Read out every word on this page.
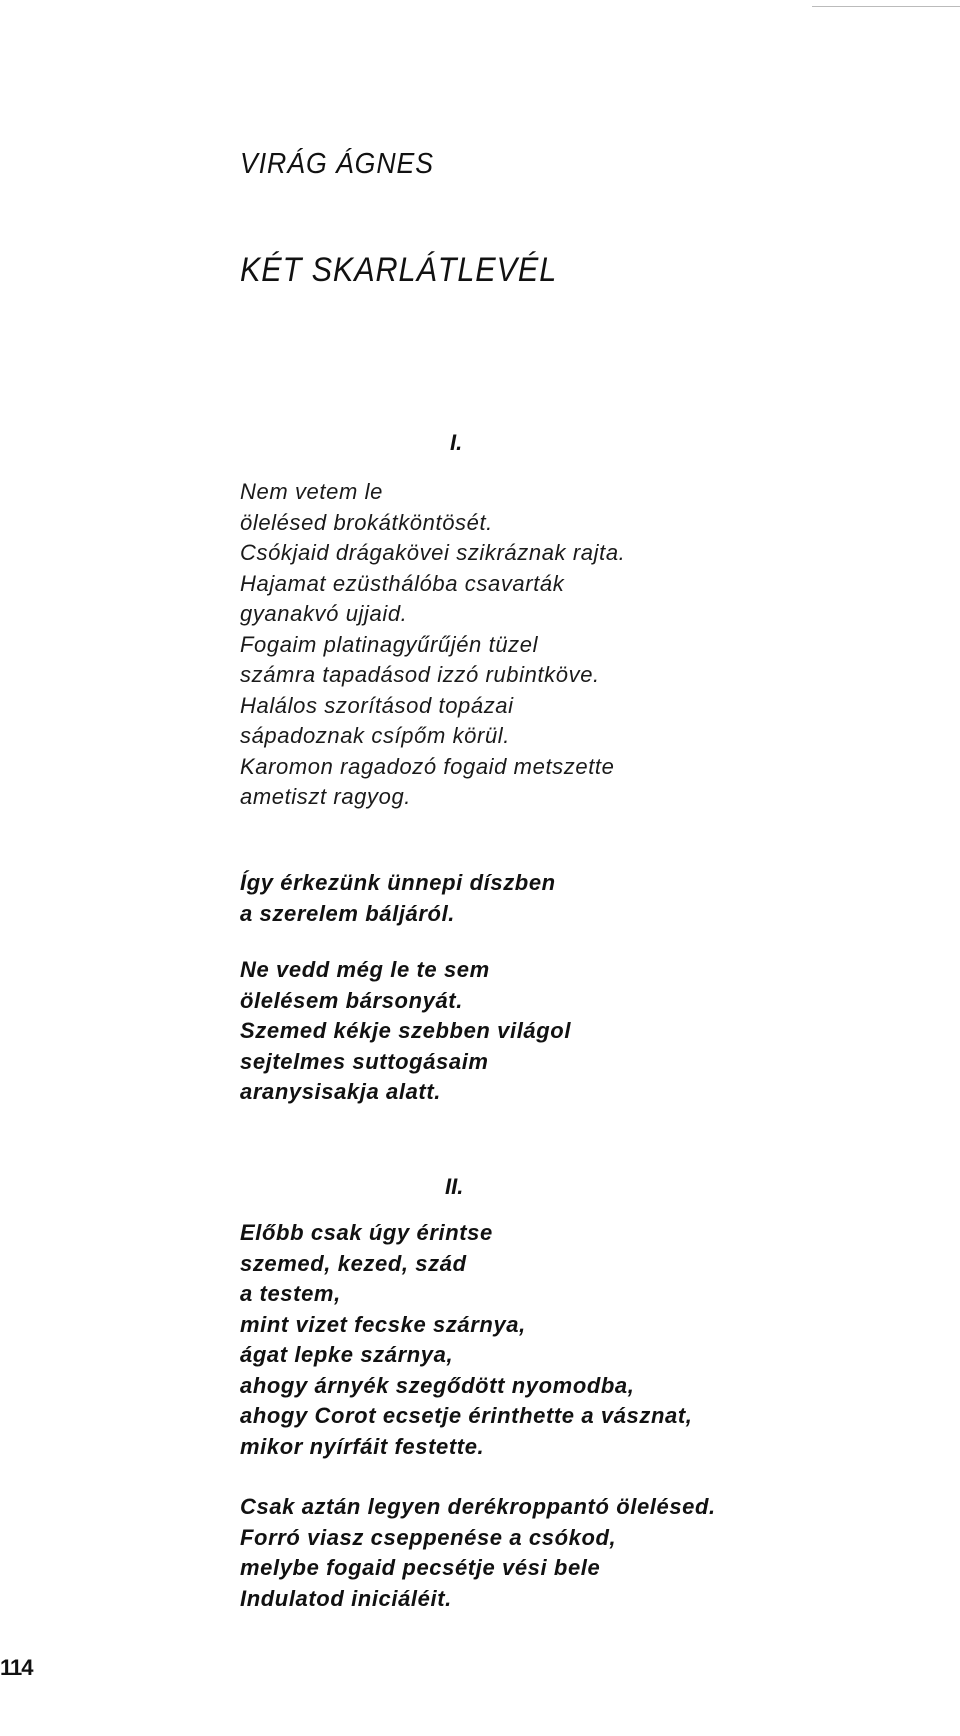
VIRÁG ÁGNES
KÉT SKARLÁTLEVÉL
I.
Nem vetem le
ölelésed brokátköntösét.
Csókjaid drágakövei szikráznak rajta.
Hajamat ezüsthálóba csavarták
gyanakvó ujjaid.
Fogaim platinagyűrűjén tüzel
számra tapadásod izzó rubintköve.
Halálos szorításod topázai
sápadoznak csípőm körül.
Karomon ragadozó fogaid metszette
ametiszt ragyog.
Így érkezünk ünnepi díszben
a szerelem báljáról.
Ne vedd még le te sem
ölelésem bársonyát.
Szemed kékje szebben világol
sejtelmes suttogásaim
aranysisakja alatt.
II.
Előbb csak úgy érintse
szemed, kezed, szád
a testem,
mint vizet fecske szárnya,
ágat lepke szárnya,
ahogy árnyék szegődött nyomodba,
ahogy Corot ecsetje érinthette a vásznat,
mikor nyírfáit festette.
Csak aztán legyen derékroppantó ölelésed.
Forró viasz cseppenése a csókod,
melybe fogaid pecsétje vési bele
Indulatod iniciáléit.
114
